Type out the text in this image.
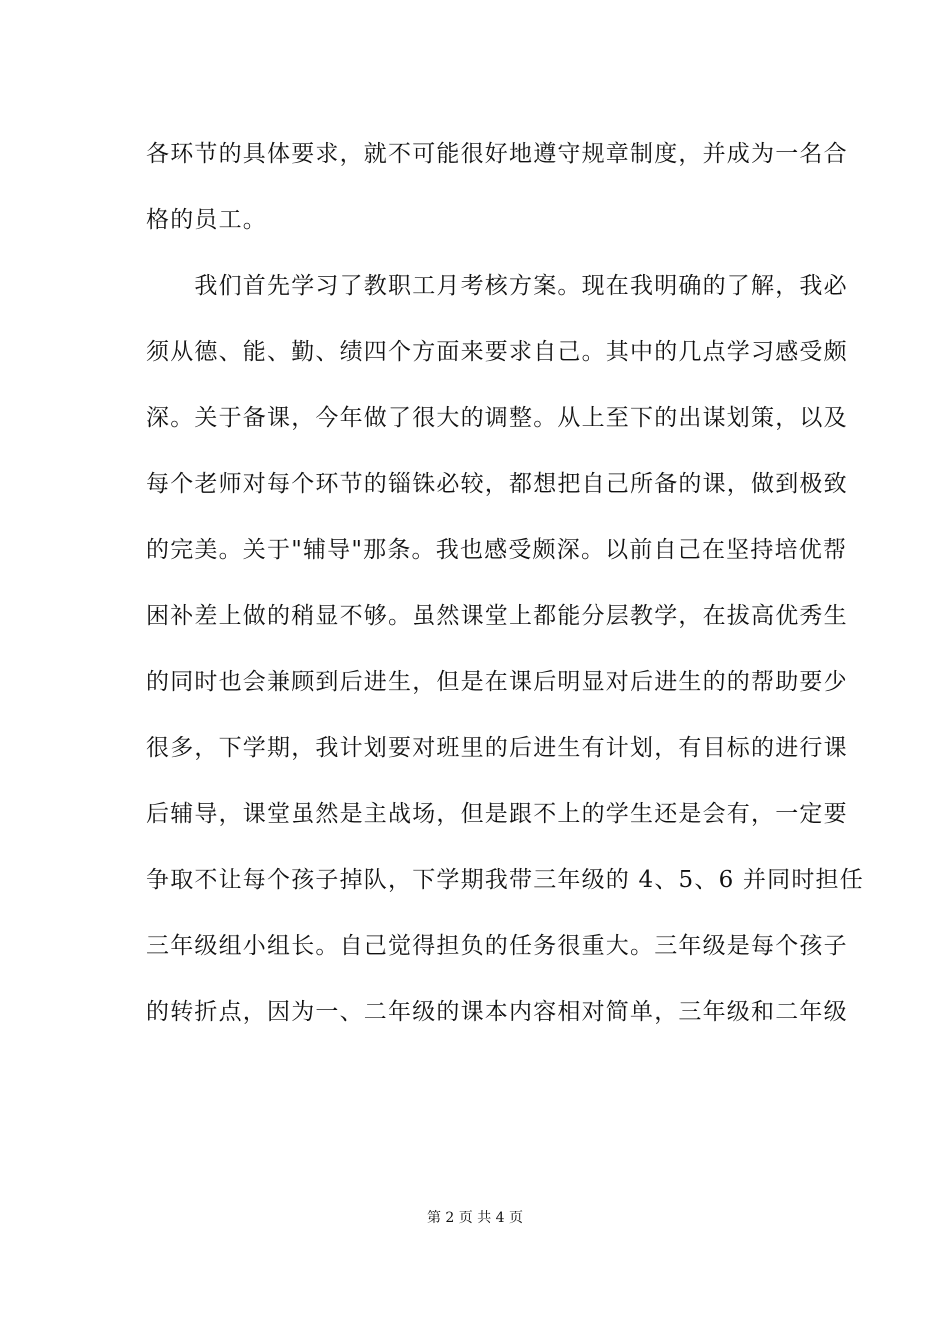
各环节的具体要求，就不可能很好地遵守规章制度，并成为一名合
格的员工。
　　我们首先学习了教职工月考核方案。现在我明确的了解，我必
须从德、能、勤、绩四个方面来要求自己。其中的几点学习感受颇
深。关于备课，今年做了很大的调整。从上至下的出谋划策，以及
每个老师对每个环节的锱铢必较，都想把自己所备的课，做到极致
的完美。关于"辅导"那条。我也感受颇深。以前自己在坚持培优帮
困补差上做的稍显不够。虽然课堂上都能分层教学，在拔高优秀生
的同时也会兼顾到后进生，但是在课后明显对后进生的的帮助要少
很多，下学期，我计划要对班里的后进生有计划，有目标的进行课
后辅导，课堂虽然是主战场，但是跟不上的学生还是会有，一定要
争取不让每个孩子掉队，下学期我带三年级的 4、5、6 并同时担任
三年级组小组长。自己觉得担负的任务很重大。三年级是每个孩子
的转折点，因为一、二年级的课本内容相对简单，三年级和二年级
第 2 页 共 4 页
